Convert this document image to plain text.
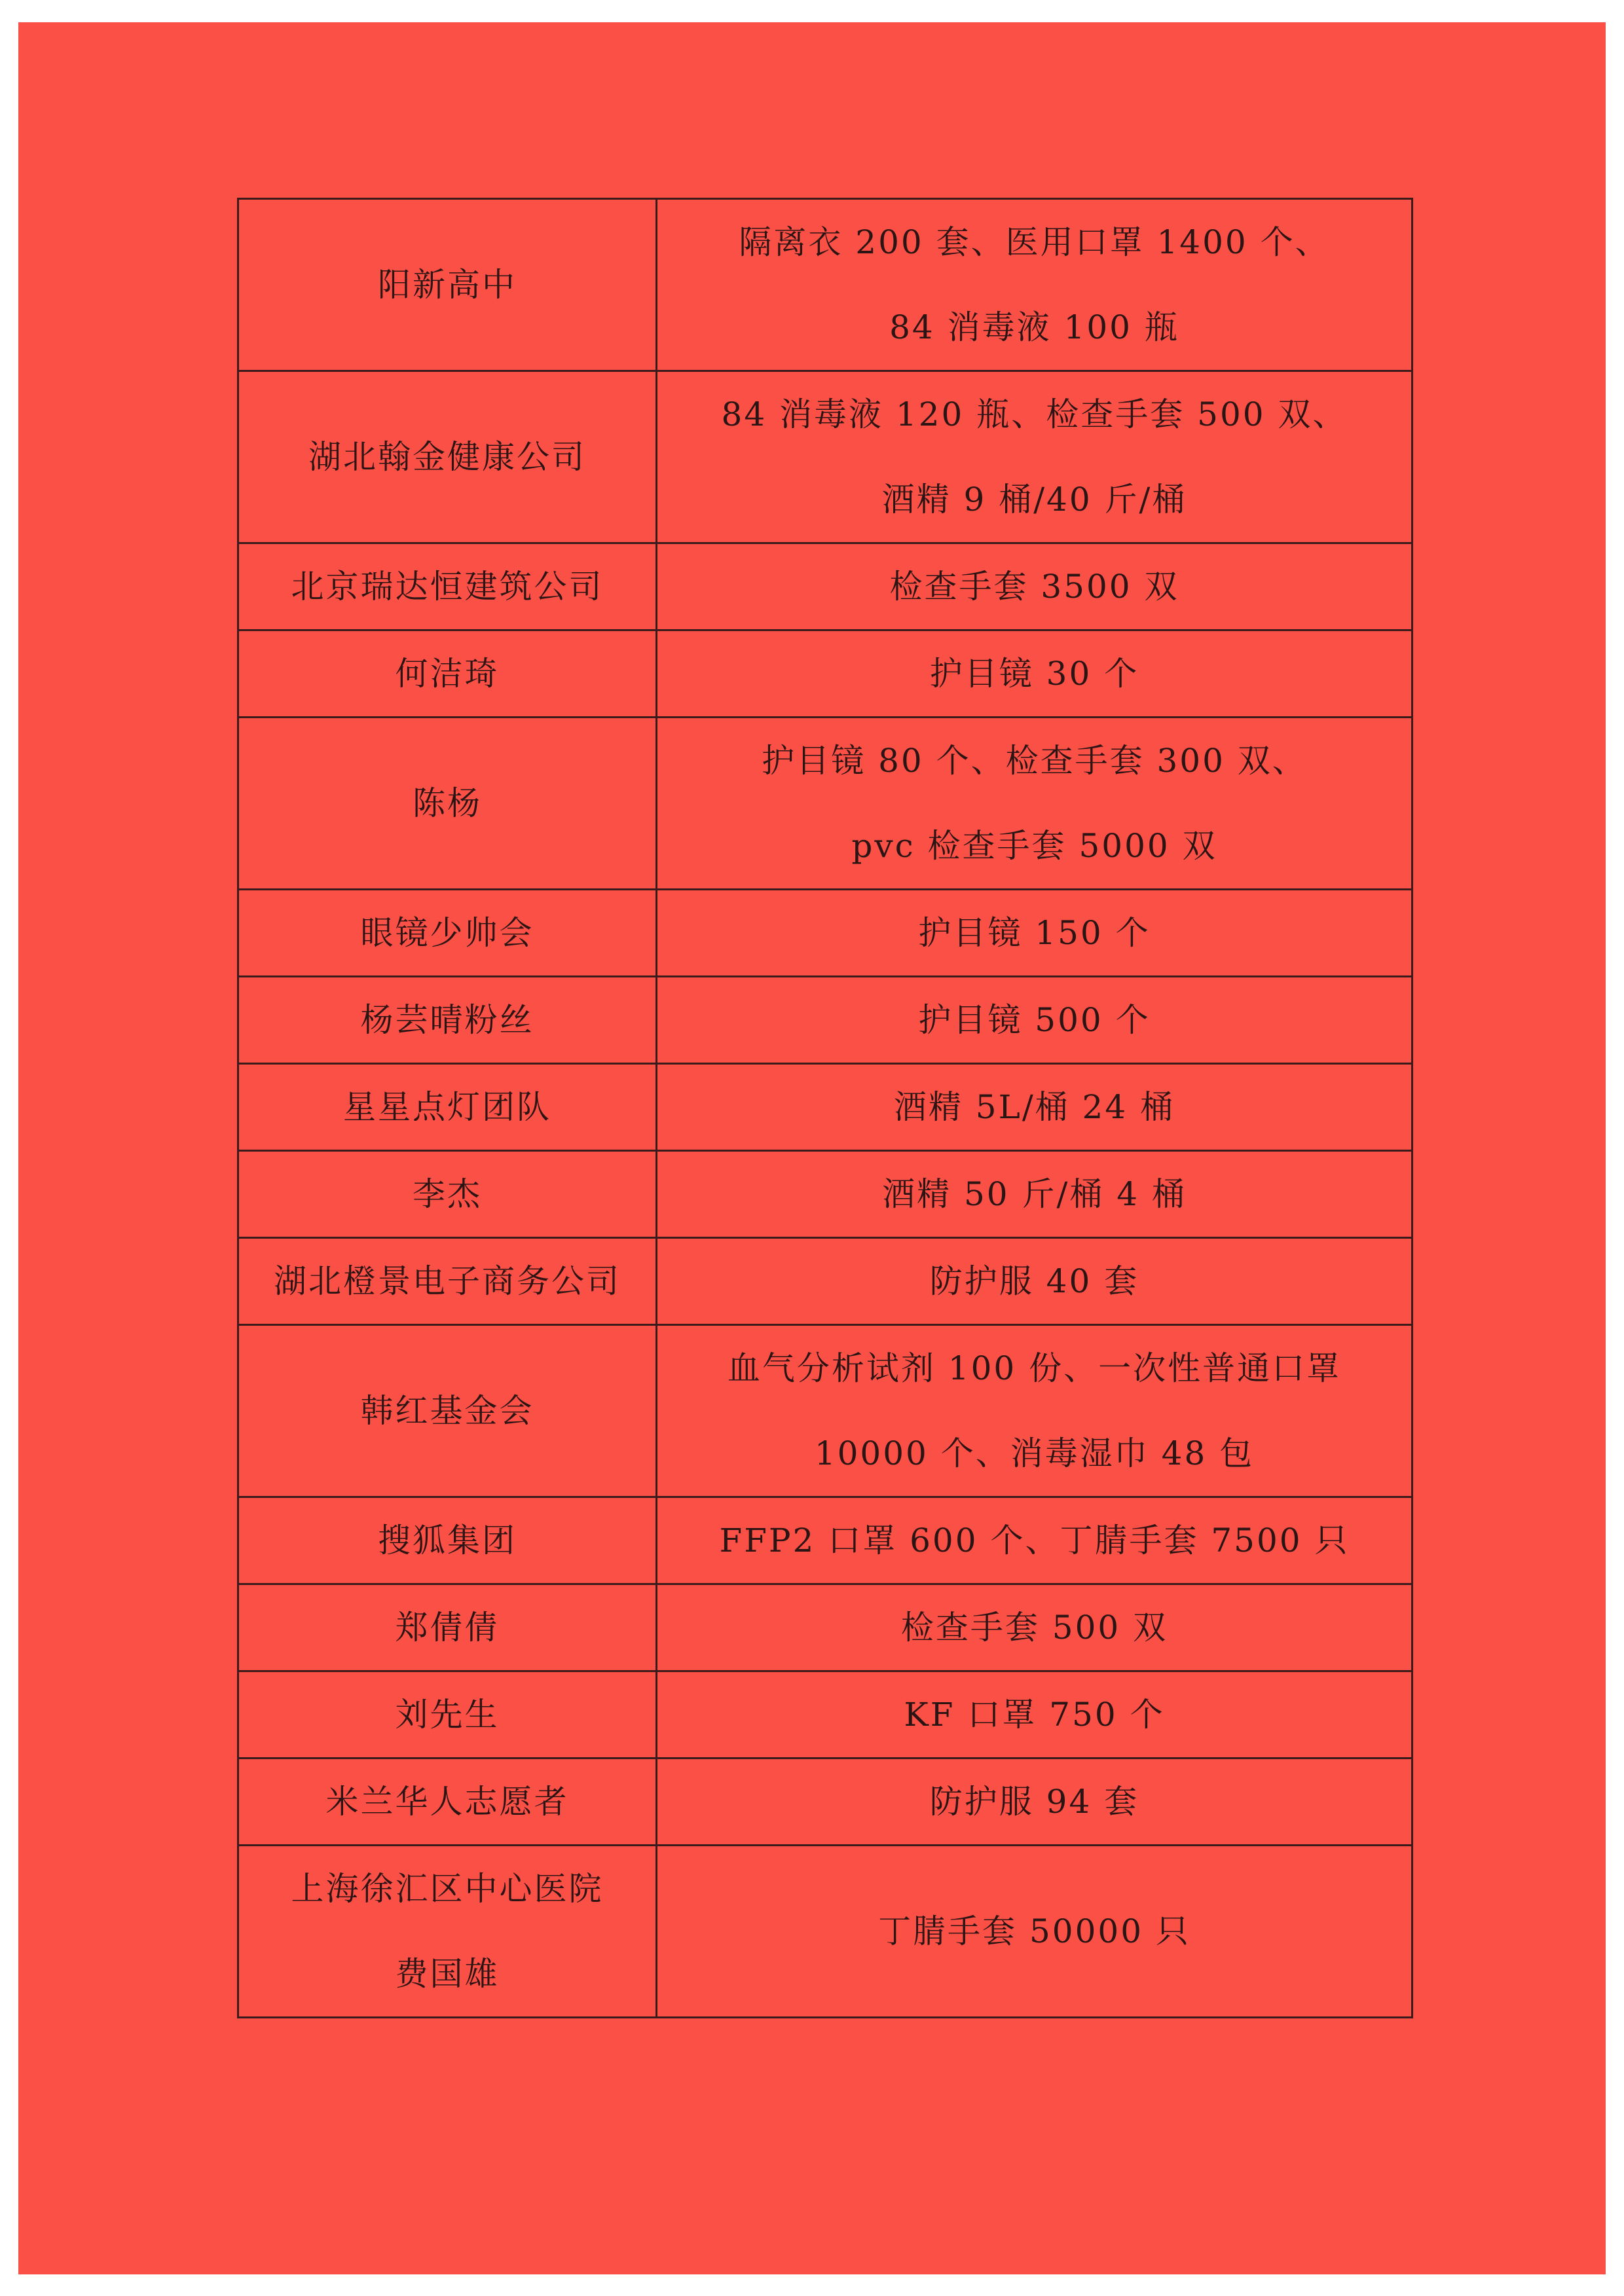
阳新高中	隔离衣 200 套、医用口罩 1400 个、
84 消毒液 100 瓶

湖北翰金健康公司	84 消毒液 120 瓶、检查手套 500 双、
酒精 9 桶/40 斤/桶

北京瑞达恒建筑公司	检查手套 3500 双

何洁琦	护目镜 30 个

陈杨	护目镜 80 个、检查手套 300 双、
pvc 检查手套 5000 双

眼镜少帅会	护目镜 150 个

杨芸晴粉丝	护目镜 500 个

星星点灯团队	酒精 5L/桶 24 桶

李杰	酒精 50 斤/桶 4 桶

湖北橙景电子商务公司	防护服 40 套

韩红基金会	血气分析试剂 100 份、一次性普通口罩
10000 个、消毒湿巾 48 包

搜狐集团	FFP2 口罩 600 个、丁腈手套 7500 只

郑倩倩	检查手套 500 双

刘先生	KF 口罩 750 个

米兰华人志愿者	防护服 94 套

上海徐汇区中心医院
费国雄	丁腈手套 50000 只
